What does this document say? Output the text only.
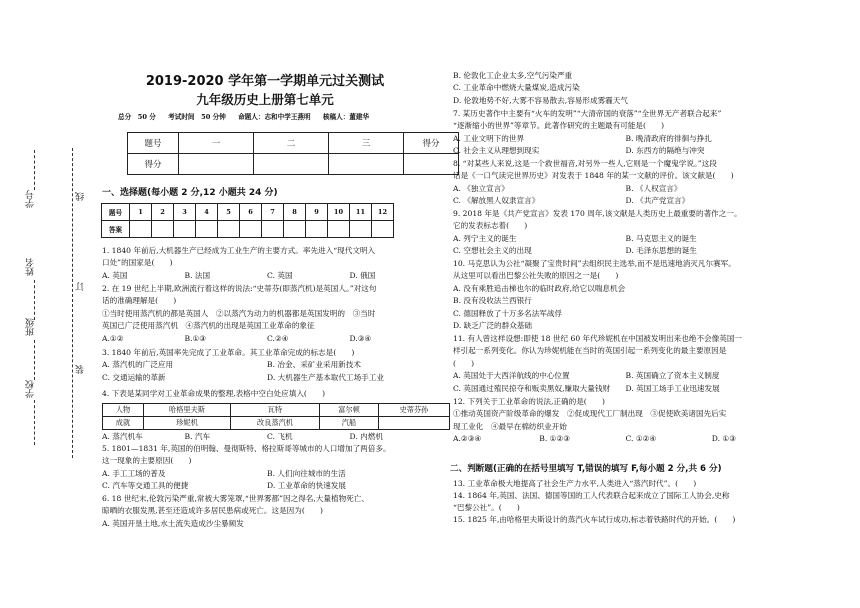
学校
班级
姓名
学号
装
订
线
2019-2020 学年第一学期单元过关测试
九年级历史上册第七单元
总分　50 分 考试时间　50 分钟 命题人：志和中学王燕明 核稿人：董建华
题号	一	二	三	得分
得分				
一、选择题(每小题 2 分,12 小题共 24 分)
题号	1	2	3	4	5	6	7	8	9	10	11	12
答案												
1. 1840 年前后,大机器生产已经成为工业生产的主要方式。率先进入“现代文明入
口处”的国家是(　　)
A. 英国	B. 法国	C. 英国	D. 俄国
2. 在 19 世纪上半期,欧洲流行着这样的说法:“史蒂芬(即蒸汽机)是英国人。”对这句
话的准确理解是(　　)
①当时使用蒸汽机的都是英国人　②以蒸汽为动力的机器都是英国发明的　③当时
英国已广泛使用蒸汽机　④蒸汽机的出现是英国工业革命的象征
A.①②	B.①③	C.②④	D.③④
3. 1840 年前后,英国率先完成了工业革命。其工业革命完成的标志是(　　)
A. 蒸汽机的广泛应用	B. 冶金、采矿业采用新技术
C. 交通运输的革新	D. 大机器生产基本取代工场手工业
4. 下表是某同学对工业革命成果的整理,表格中空白处应填入(　　)
人物	哈格里夫斯	瓦特	富尔顿	史蒂芬孙
成就	珍妮机	改良蒸汽机	汽船	
A. 蒸汽机车	B. 汽车	C. 飞机	D. 内燃机
5. 1801—1831 年,英国的伯明翰、曼彻斯特、格拉斯哥等城市的人口增加了两倍多。
这一现象的主要原因(　　)
A. 手工工场的普及	B. 人们向往城市的生活
C. 汽车等交通工具的便捷	D. 工业革命的快速发展
6. 18 世纪末,伦敦污染严重,常被大雾笼罩,“世界雾都”因之得名,大量植物死亡、
晾晒的衣服发黑,甚至还造成许多居民患病或死亡。这是因为(　　)
A. 英国开垦土地,水土流失造成沙尘暴频发
B. 伦敦化工企业太多,空气污染严重
C. 工业革命中燃烧大量煤炭,造成污染
D. 伦敦地势不好,大雾不容易散去,容易形成雾霾天气
7. 某历史著作中主要有“火车的发明”“大清帝国的衰落”“全世界无产者联合起来”
“逐渐缩小的世界”等章节。此著作研究的主题最有可能是(　　)
A. 工业文明下的世界	B. 晚清政府的徘徊与挣扎
C. 社会主义从理想到现实	D. 东西方的隔绝与冲突
8. “对某些人来说,这是一个救世福音,对另外一些人,它则是一个魔鬼学说。”这段
话是《一口气读完世界历史》对发表于 1848 年的某一文献的评价。该文献是(　　)
A. 《独立宣言》	B. 《人权宣言》
C. 《解放黑人奴隶宣言》	D. 《共产党宣言》
9. 2018 年是《共产党宣言》发表 170 周年,该文献是人类历史上最重要的著作之一。
它的发表标志着(　　)
A. 列宁主义的诞生	B. 马克思主义的诞生
C. 空想社会主义的出现	D. 毛泽东思想的诞生
10. 马克思认为公社“凝聚了宝贵时间”去组织民主选举,而不是迅速地消灭凡尔赛军。
从这里可以看出巴黎公社失败的原因之一是(　　)
A. 没有乘胜追击梯也尔的临时政府,给它以喘息机会
B. 没有没收法兰西银行
C. 德国释放了十万多名法军战俘
D. 缺乏广泛的群众基础
11. 有人曾这样设想:即使 18 世纪 60 年代珍妮机在中国被发明出来也绝不会像英国一
样引起一系列变化。你认为珍妮机能在当时的英国引起一系列变化的最主要原因是
(　　)
A. 英国处于大西洋航线的中心位置	B. 英国确立了资本主义制度
C. 英国通过殖民掠夺和贩卖黑奴,赚取大量钱财	D. 英国工场手工业迅速发展
12. 下列关于工业革命的说法,正确的是(　　)
①推动英国资产阶级革命的爆发　②促成现代工厂制出现　③促使欧美诸国先后实
现工业化　④最早在棉纺织业开始
A.②③④	B. ①②③	C. ①②④	D. ①③
二、判断题(正确的在括号里填写 T,错误的填写 F,每小题 2 分,共 6 分)
13. 工业革命极大地提高了社会生产力水平,人类进入“蒸汽时代”。(　　)
14. 1864 年,英国、法国、德国等国的工人代表联合起来成立了国际工人协会,史称
“巴黎公社”。(　　)
15. 1825 年,由哈格里夫斯设计的蒸汽火车试行成功,标志着铁路时代的开始。(　　)
